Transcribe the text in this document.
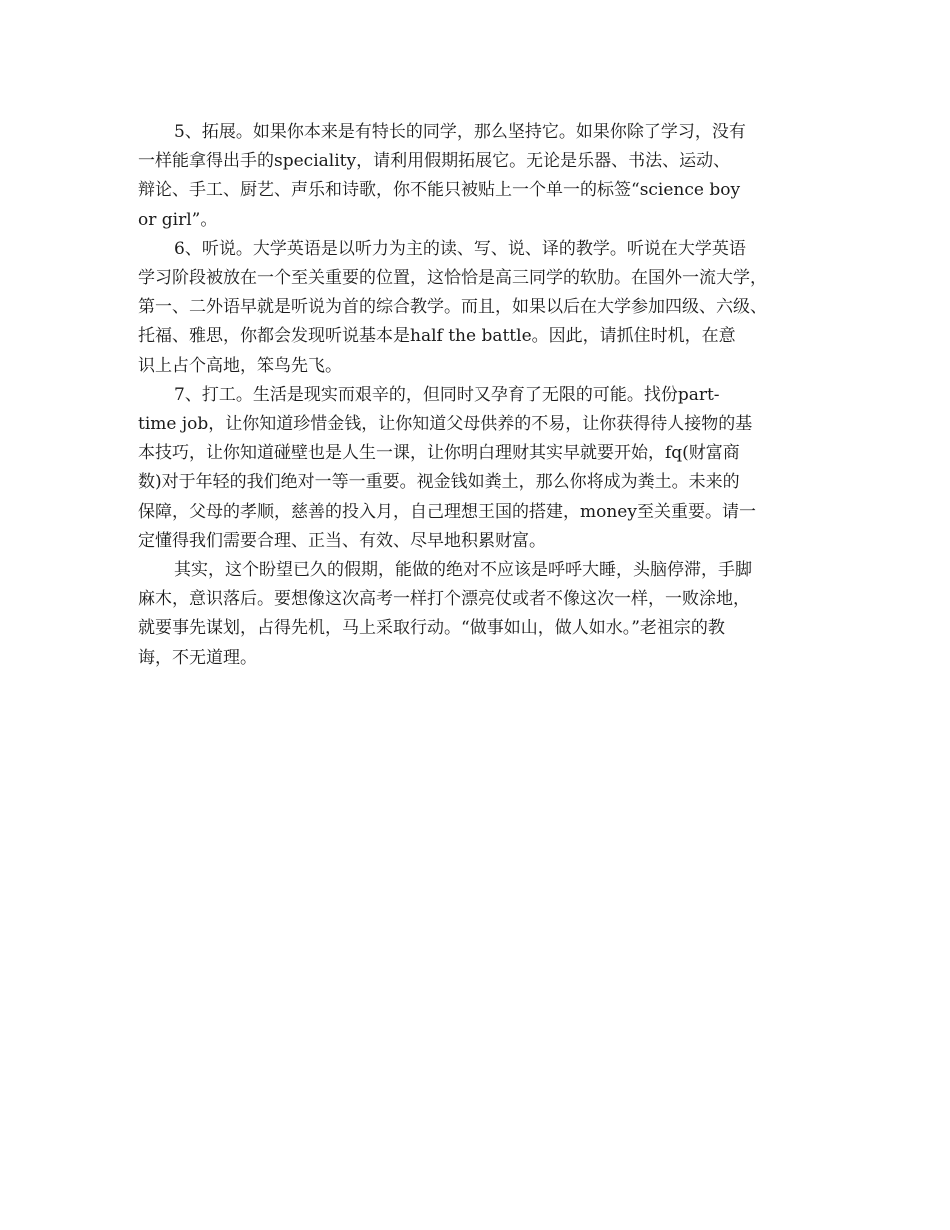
5、拓展。如果你本来是有特长的同学，那么坚持它。如果你除了学习，没有
一样能拿得出手的speciality，请利用假期拓展它。无论是乐器、书法、运动、
辩论、手工、厨艺、声乐和诗歌，你不能只被贴上一个单一的标签“science boy
or girl”。

6、听说。大学英语是以听力为主的读、写、说、译的教学。听说在大学英语
学习阶段被放在一个至关重要的位置，这恰恰是高三同学的软肋。在国外一流大学，
第一、二外语早就是听说为首的综合教学。而且，如果以后在大学参加四级、六级、
托福、雅思，你都会发现听说基本是half the battle。因此，请抓住时机，在意
识上占个高地，笨鸟先飞。

7、打工。生活是现实而艰辛的，但同时又孕育了无限的可能。找份part-
time job，让你知道珍惜金钱，让你知道父母供养的不易，让你获得待人接物的基
本技巧，让你知道碰壁也是人生一课，让你明白理财其实早就要开始，fq(财富商
数)对于年轻的我们绝对一等一重要。视金钱如粪土，那么你将成为粪土。未来的
保障，父母的孝顺，慈善的投入月，自己理想王国的搭建，money至关重要。请一
定懂得我们需要合理、正当、有效、尽早地积累财富。

其实，这个盼望已久的假期，能做的绝对不应该是呼呼大睡，头脑停滞，手脚
麻木，意识落后。要想像这次高考一样打个漂亮仗或者不像这次一样，一败涂地，
就要事先谋划，占得先机，马上采取行动。“做事如山，做人如水。”老祖宗的教
诲，不无道理。
